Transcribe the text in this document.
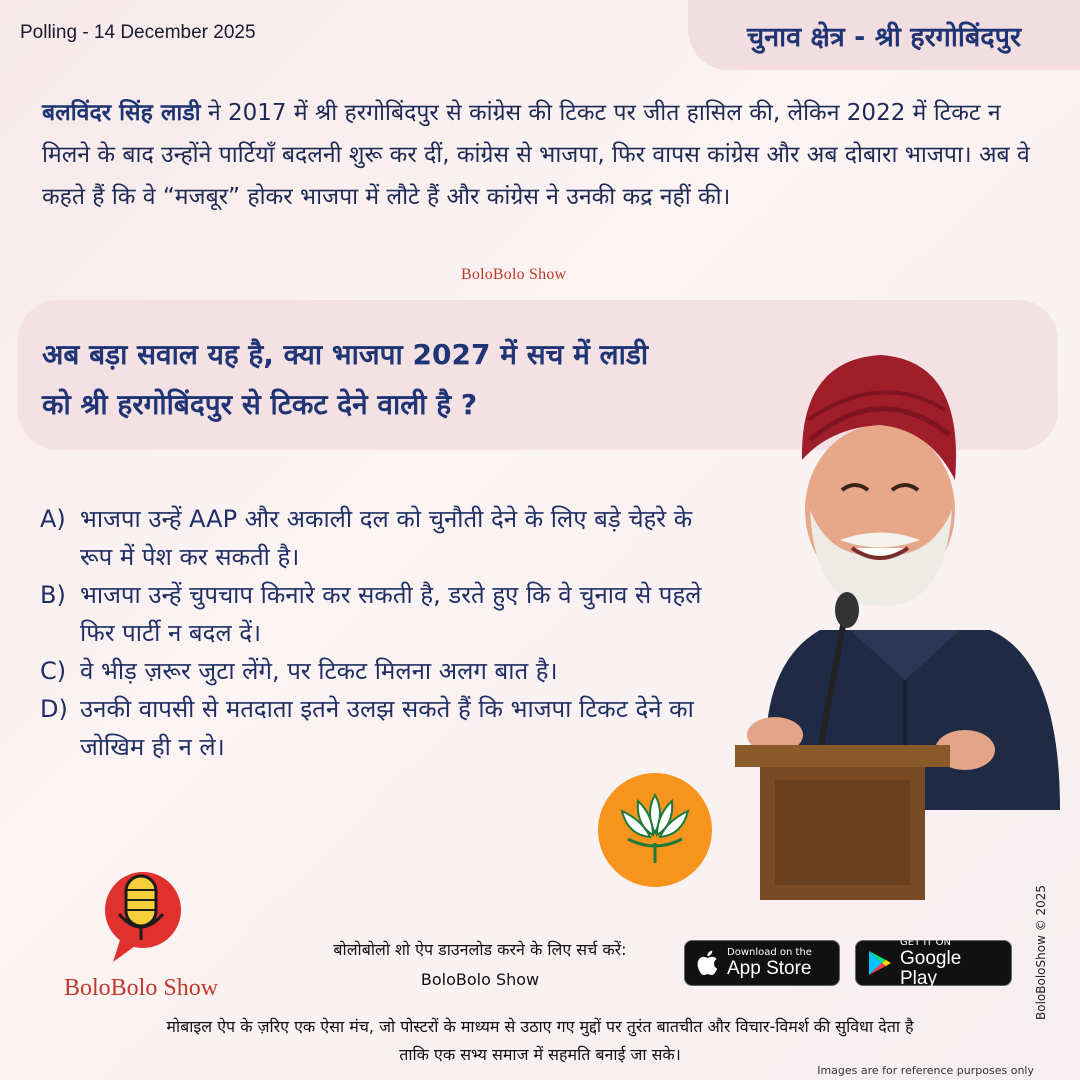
Polling - 14 December 2025	चुनाव क्षेत्र - श्री हरगोबिंदपुर
बलविंदर सिंह लाडी ने 2017 में श्री हरगोबिंदपुर से कांग्रेस की टिकट पर जीत हासिल की, लेकिन 2022 में टिकट न मिलने के बाद उन्होंने पार्टियाँ बदलनी शुरू कर दीं, कांग्रेस से भाजपा, फिर वापस कांग्रेस और अब दोबारा भाजपा। अब वे कहते हैं कि वे “मजबूर” होकर भाजपा में लौटे हैं और कांग्रेस ने उनकी कद्र नहीं की।
BoloBolo Show
अब बड़ा सवाल यह है, क्या भाजपा 2027 में सच में लाडी
को श्री हरगोबिंदपुर से टिकट देने वाली है ?
A) भाजपा उन्हें AAP और अकाली दल को चुनौती देने के लिए बड़े चेहरे के रूप में पेश कर सकती है।
B) भाजपा उन्हें चुपचाप किनारे कर सकती है, डरते हुए कि वे चुनाव से पहले फिर पार्टी न बदल दें।
C) वे भीड़ ज़रूर जुटा लेंगे, पर टिकट मिलना अलग बात है।
D) उनकी वापसी से मतदाता इतने उलझ सकते हैं कि भाजपा टिकट देने का जोखिम ही न ले।
BoloBolo Show
बोलोबोलो शो ऐप डाउनलोड करने के लिए सर्च करें:
BoloBolo Show
Download on the
App Store
GET IT ON
Google Play
मोबाइल ऐप के ज़रिए एक ऐसा मंच, जो पोस्टरों के माध्यम से उठाए गए मुद्दों पर तुरंत बातचीत और विचार-विमर्श की सुविधा देता है
ताकि एक सभ्य समाज में सहमति बनाई जा सके।
BoloBoloShow © 2025
Images are for reference purposes only
